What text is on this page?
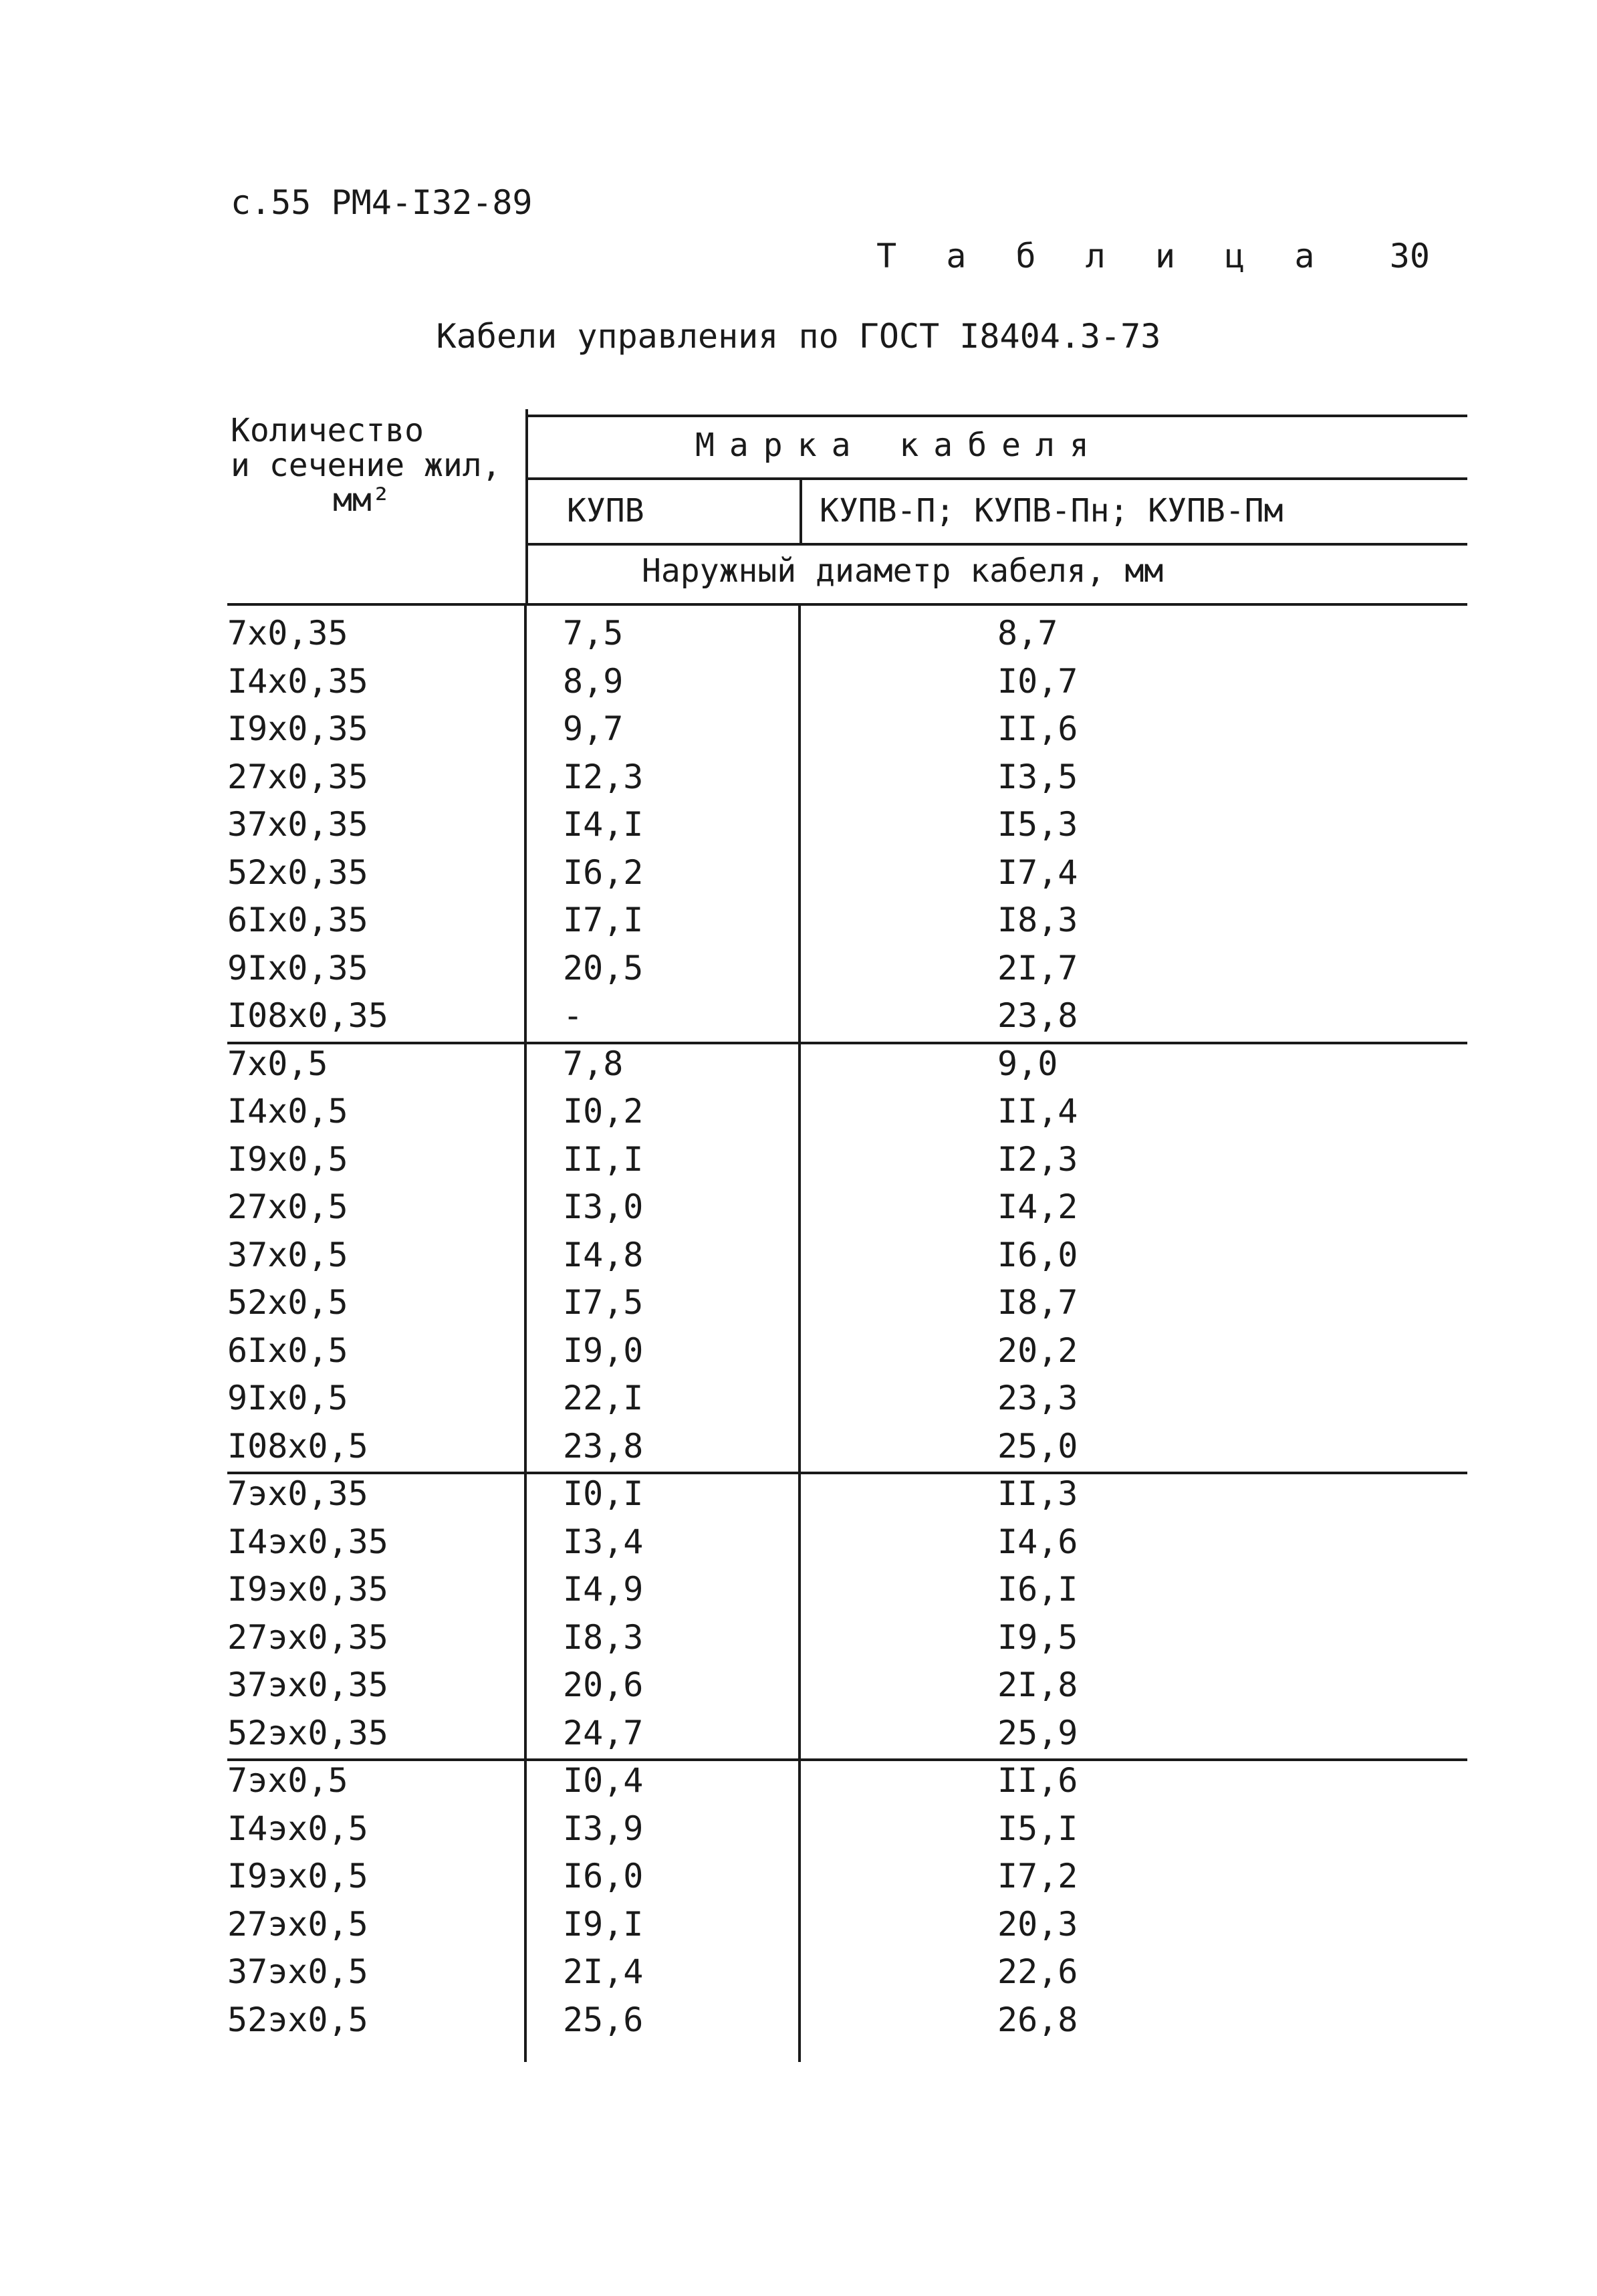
с.55 РМ4-I32-89
Т а б л и ц а 30
Кабели управления по ГОСТ I8404.3-73
Количество
и сечение жил,
мм²
Марка кабеля
КУПВ	КУПВ-П; КУПВ-Пн; КУПВ-Пм
Наружный диаметр кабеля, мм
7х0,35	7,5	8,7
I4х0,35	8,9	I0,7
I9х0,35	9,7	II,6
27х0,35	I2,3	I3,5
37х0,35	I4,I	I5,3
52х0,35	I6,2	I7,4
6Iх0,35	I7,I	I8,3
9Iх0,35	20,5	2I,7
I08х0,35	-	23,8
7х0,5	7,8	9,0
I4х0,5	I0,2	II,4
I9х0,5	II,I	I2,3
27х0,5	I3,0	I4,2
37х0,5	I4,8	I6,0
52х0,5	I7,5	I8,7
6Iх0,5	I9,0	20,2
9Iх0,5	22,I	23,3
I08х0,5	23,8	25,0
7эх0,35	I0,I	II,3
I4эх0,35	I3,4	I4,6
I9эх0,35	I4,9	I6,I
27эх0,35	I8,3	I9,5
37эх0,35	20,6	2I,8
52эх0,35	24,7	25,9
7эх0,5	I0,4	II,6
I4эх0,5	I3,9	I5,I
I9эх0,5	I6,0	I7,2
27эх0,5	I9,I	20,3
37эх0,5	2I,4	22,6
52эх0,5	25,6	26,8
